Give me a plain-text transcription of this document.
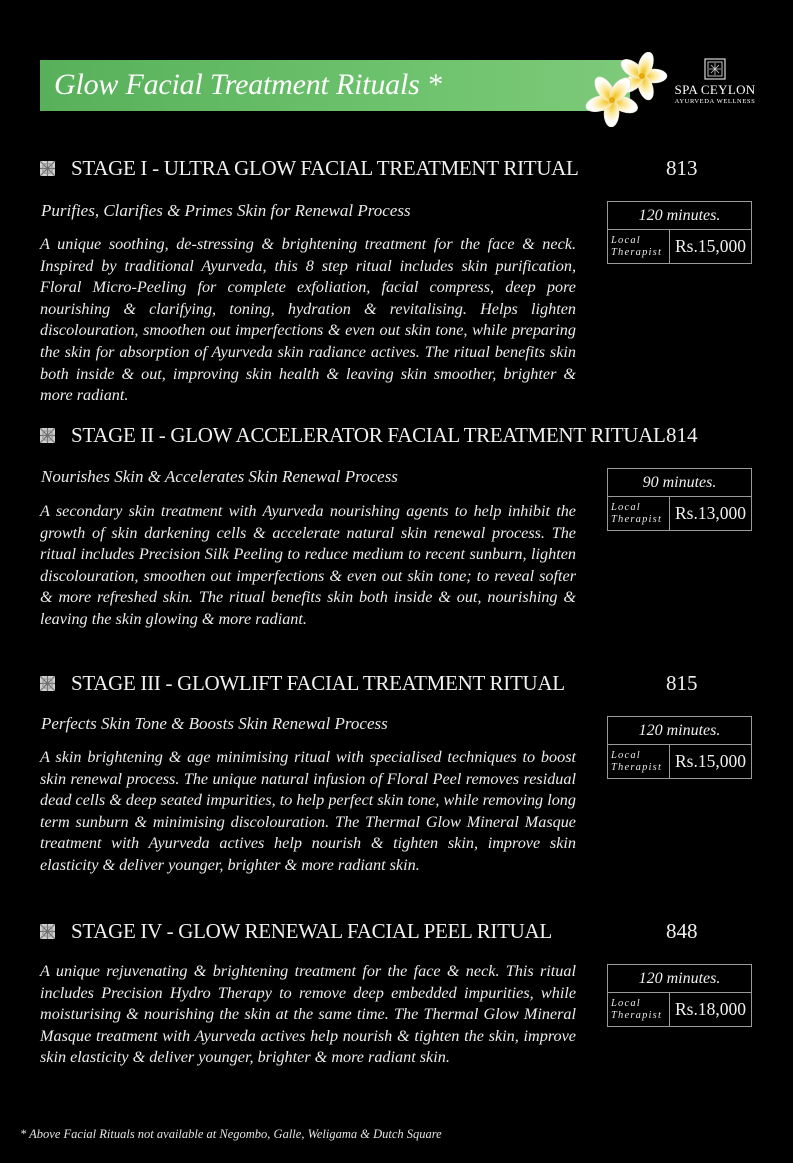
Glow Facial Treatment Rituals *	SPA CEYLON
AYURVEDA WELLNESS
STAGE I - ULTRA GLOW FACIAL TREATMENT RITUAL	813
Purifies, Clarifies & Primes Skin for Renewal Process
A unique soothing, de-stressing & brightening treatment for the face & neck. Inspired by traditional Ayurveda, this 8 step ritual includes skin purification, Floral Micro-Peeling for complete exfoliation, facial compress, deep pore nourishing & clarifying, toning, hydration & revitalising. Helps lighten discolouration, smoothen out imperfections & even out skin tone, while preparing the skin for absorption of Ayurveda skin radiance actives. The ritual benefits skin both inside & out, improving skin health & leaving skin smoother, brighter & more radiant.
120 minutes.
Local
Therapist Rs.15,000
STAGE II - GLOW ACCELERATOR FACIAL TREATMENT RITUAL 814
Nourishes Skin & Accelerates Skin Renewal Process
A secondary skin treatment with Ayurveda nourishing agents to help inhibit the growth of skin darkening cells & accelerate natural skin renewal process. The ritual includes Precision Silk Peeling to reduce medium to recent sunburn, lighten discolouration, smoothen out imperfections & even out skin tone; to reveal softer & more refreshed skin. The ritual benefits skin both inside & out, nourishing & leaving the skin glowing & more radiant.
90 minutes.
Local
Therapist Rs.13,000
STAGE III - GLOWLIFT FACIAL TREATMENT RITUAL	815
Perfects Skin Tone & Boosts Skin Renewal Process
A skin brightening & age minimising ritual with specialised techniques to boost skin renewal process. The unique natural infusion of Floral Peel removes residual dead cells & deep seated impurities, to help perfect skin tone, while removing long term sunburn & minimising discolouration. The Thermal Glow Mineral Masque treatment with Ayurveda actives help nourish & tighten skin, improve skin elasticity & deliver younger, brighter & more radiant skin.
120 minutes.
Local
Therapist Rs.15,000
STAGE IV - GLOW RENEWAL FACIAL PEEL RITUAL	848
A unique rejuvenating & brightening treatment for the face & neck. This ritual includes Precision Hydro Therapy to remove deep embedded impurities, while moisturising & nourishing the skin at the same time. The Thermal Glow Mineral Masque treatment with Ayurveda actives help nourish & tighten the skin, improve skin elasticity & deliver younger, brighter & more radiant skin.
120 minutes.
Local
Therapist Rs.18,000
* Above Facial Rituals not available at Negombo, Galle, Weligama & Dutch Square
